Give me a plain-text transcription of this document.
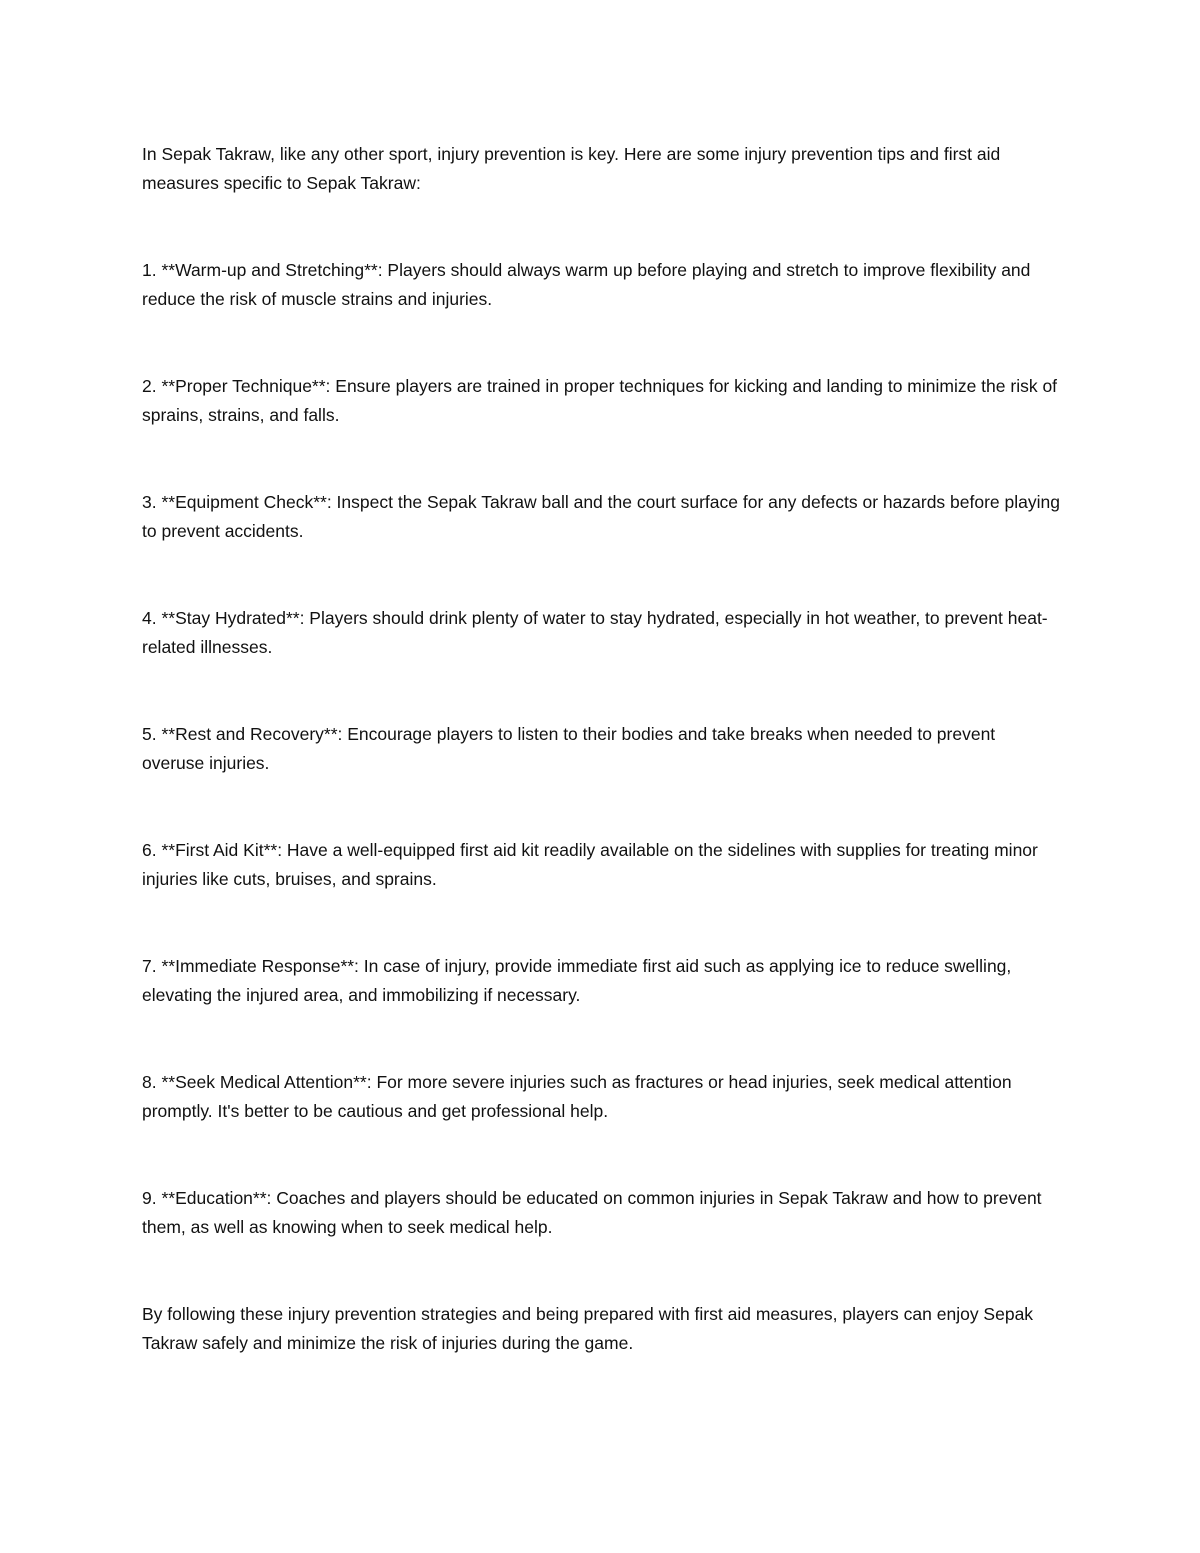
In Sepak Takraw, like any other sport, injury prevention is key. Here are some injury prevention tips and first aid measures specific to Sepak Takraw:

1. **Warm-up and Stretching**: Players should always warm up before playing and stretch to improve flexibility and reduce the risk of muscle strains and injuries.

2. **Proper Technique**: Ensure players are trained in proper techniques for kicking and landing to minimize the risk of sprains, strains, and falls.

3. **Equipment Check**: Inspect the Sepak Takraw ball and the court surface for any defects or hazards before playing to prevent accidents.

4. **Stay Hydrated**: Players should drink plenty of water to stay hydrated, especially in hot weather, to prevent heat-related illnesses.

5. **Rest and Recovery**: Encourage players to listen to their bodies and take breaks when needed to prevent overuse injuries.

6. **First Aid Kit**: Have a well-equipped first aid kit readily available on the sidelines with supplies for treating minor injuries like cuts, bruises, and sprains.

7. **Immediate Response**: In case of injury, provide immediate first aid such as applying ice to reduce swelling, elevating the injured area, and immobilizing if necessary.

8. **Seek Medical Attention**: For more severe injuries such as fractures or head injuries, seek medical attention promptly. It's better to be cautious and get professional help.

9. **Education**: Coaches and players should be educated on common injuries in Sepak Takraw and how to prevent them, as well as knowing when to seek medical help.

By following these injury prevention strategies and being prepared with first aid measures, players can enjoy Sepak Takraw safely and minimize the risk of injuries during the game.
